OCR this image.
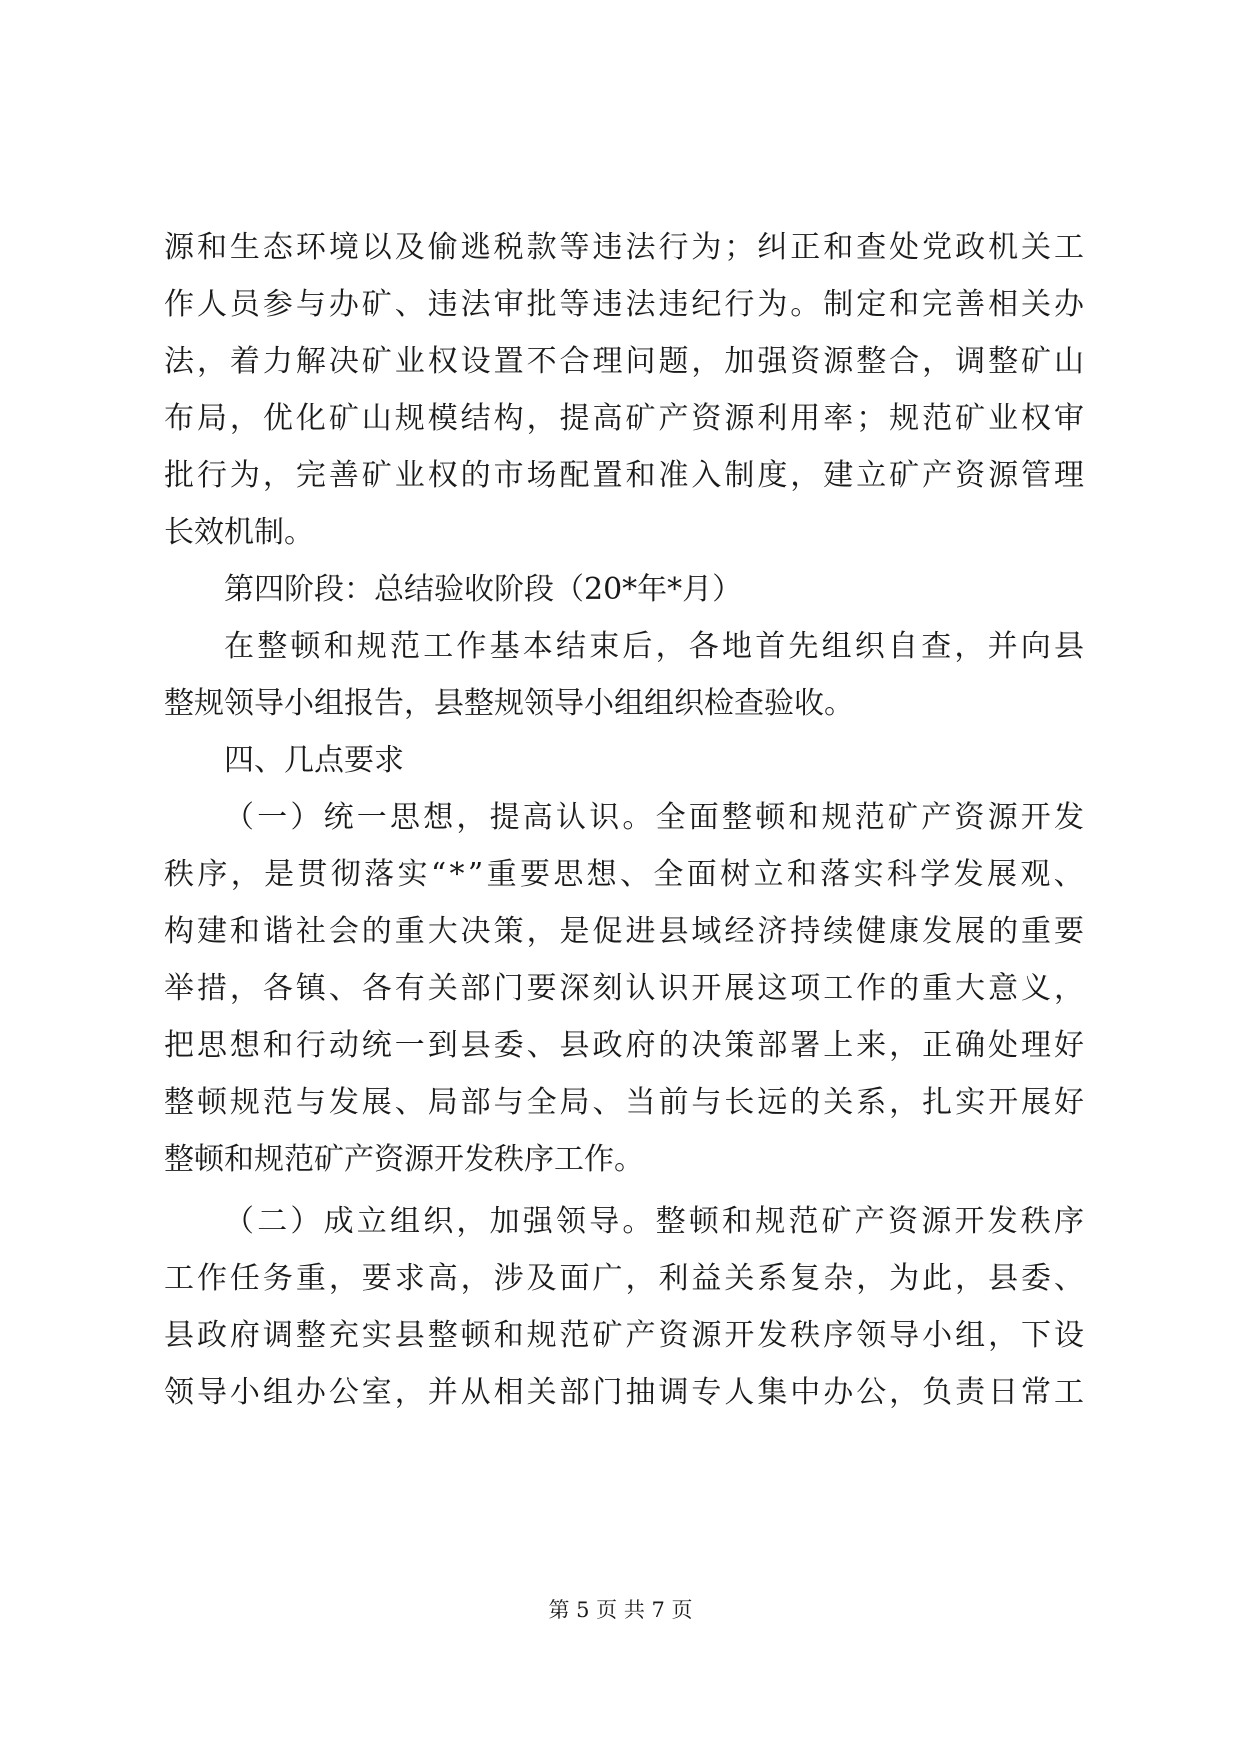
源和生态环境以及偷逃税款等违法行为；纠正和查处党政机关工
作人员参与办矿、违法审批等违法违纪行为。制定和完善相关办
法，着力解决矿业权设置不合理问题，加强资源整合，调整矿山
布局，优化矿山规模结构，提高矿产资源利用率；规范矿业权审
批行为，完善矿业权的市场配置和准入制度，建立矿产资源管理
长效机制。
第四阶段：总结验收阶段（20*年*月）
在整顿和规范工作基本结束后，各地首先组织自查，并向县
整规领导小组报告，县整规领导小组组织检查验收。
四、几点要求
（一）统一思想，提高认识。全面整顿和规范矿产资源开发
秩序，是贯彻落实“*”重要思想、全面树立和落实科学发展观、
构建和谐社会的重大决策，是促进县域经济持续健康发展的重要
举措，各镇、各有关部门要深刻认识开展这项工作的重大意义，
把思想和行动统一到县委、县政府的决策部署上来，正确处理好
整顿规范与发展、局部与全局、当前与长远的关系，扎实开展好
整顿和规范矿产资源开发秩序工作。
（二）成立组织，加强领导。整顿和规范矿产资源开发秩序
工作任务重，要求高，涉及面广，利益关系复杂，为此，县委、
县政府调整充实县整顿和规范矿产资源开发秩序领导小组，下设
领导小组办公室，并从相关部门抽调专人集中办公，负责日常工
第 5 页 共 7 页
